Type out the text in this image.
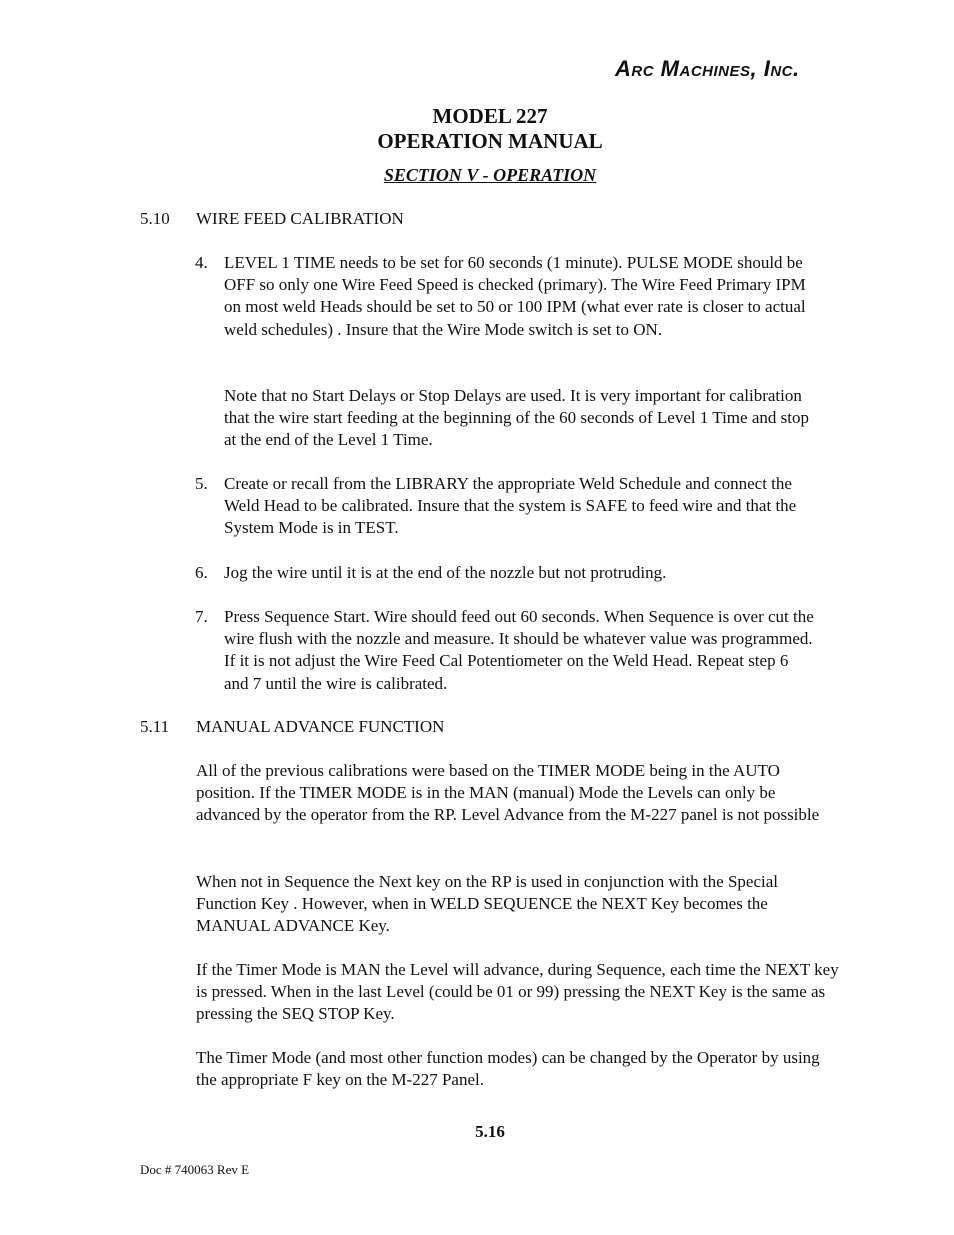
Arc Machines, Inc.
MODEL 227
OPERATION MANUAL
SECTION V - OPERATION
5.10 WIRE FEED CALIBRATION
4. LEVEL 1 TIME needs to be set for 60 seconds (1 minute). PULSE MODE should be OFF so only one Wire Feed Speed is checked (primary). The Wire Feed Primary IPM on most weld Heads should be set to 50 or 100 IPM (what ever rate is closer to actual weld schedules) . Insure that the Wire Mode switch is set to ON.
Note that no Start Delays or Stop Delays are used. It is very important for calibration that the wire start feeding at the beginning of the 60 seconds of Level 1 Time and stop at the end of the Level 1 Time.
5. Create or recall from the LIBRARY the appropriate Weld Schedule and connect the Weld Head to be calibrated. Insure that the system is SAFE to feed wire and that the System Mode is in TEST.
6. Jog the wire until it is at the end of the nozzle but not protruding.
7. Press Sequence Start. Wire should feed out 60 seconds. When Sequence is over cut the wire flush with the nozzle and measure. It should be whatever value was programmed. If it is not adjust the Wire Feed Cal Potentiometer on the Weld Head. Repeat step 6 and 7 until the wire is calibrated.
5.11 MANUAL ADVANCE FUNCTION
All of the previous calibrations were based on the TIMER MODE being in the AUTO position. If the TIMER MODE is in the MAN (manual) Mode the Levels can only be advanced by the operator from the RP. Level Advance from the M-227 panel is not possible
When not in Sequence the Next key on the RP is used in conjunction with the Special Function Key . However, when in WELD SEQUENCE the NEXT Key becomes the MANUAL ADVANCE Key.
If the Timer Mode is MAN the Level will advance, during Sequence, each time the NEXT key is pressed. When in the last Level (could be 01 or 99) pressing the NEXT Key is the same as pressing the SEQ STOP Key.
The Timer Mode (and most other function modes) can be changed by the Operator by using the appropriate F key on the M-227 Panel.
5.16
Doc # 740063 Rev E
